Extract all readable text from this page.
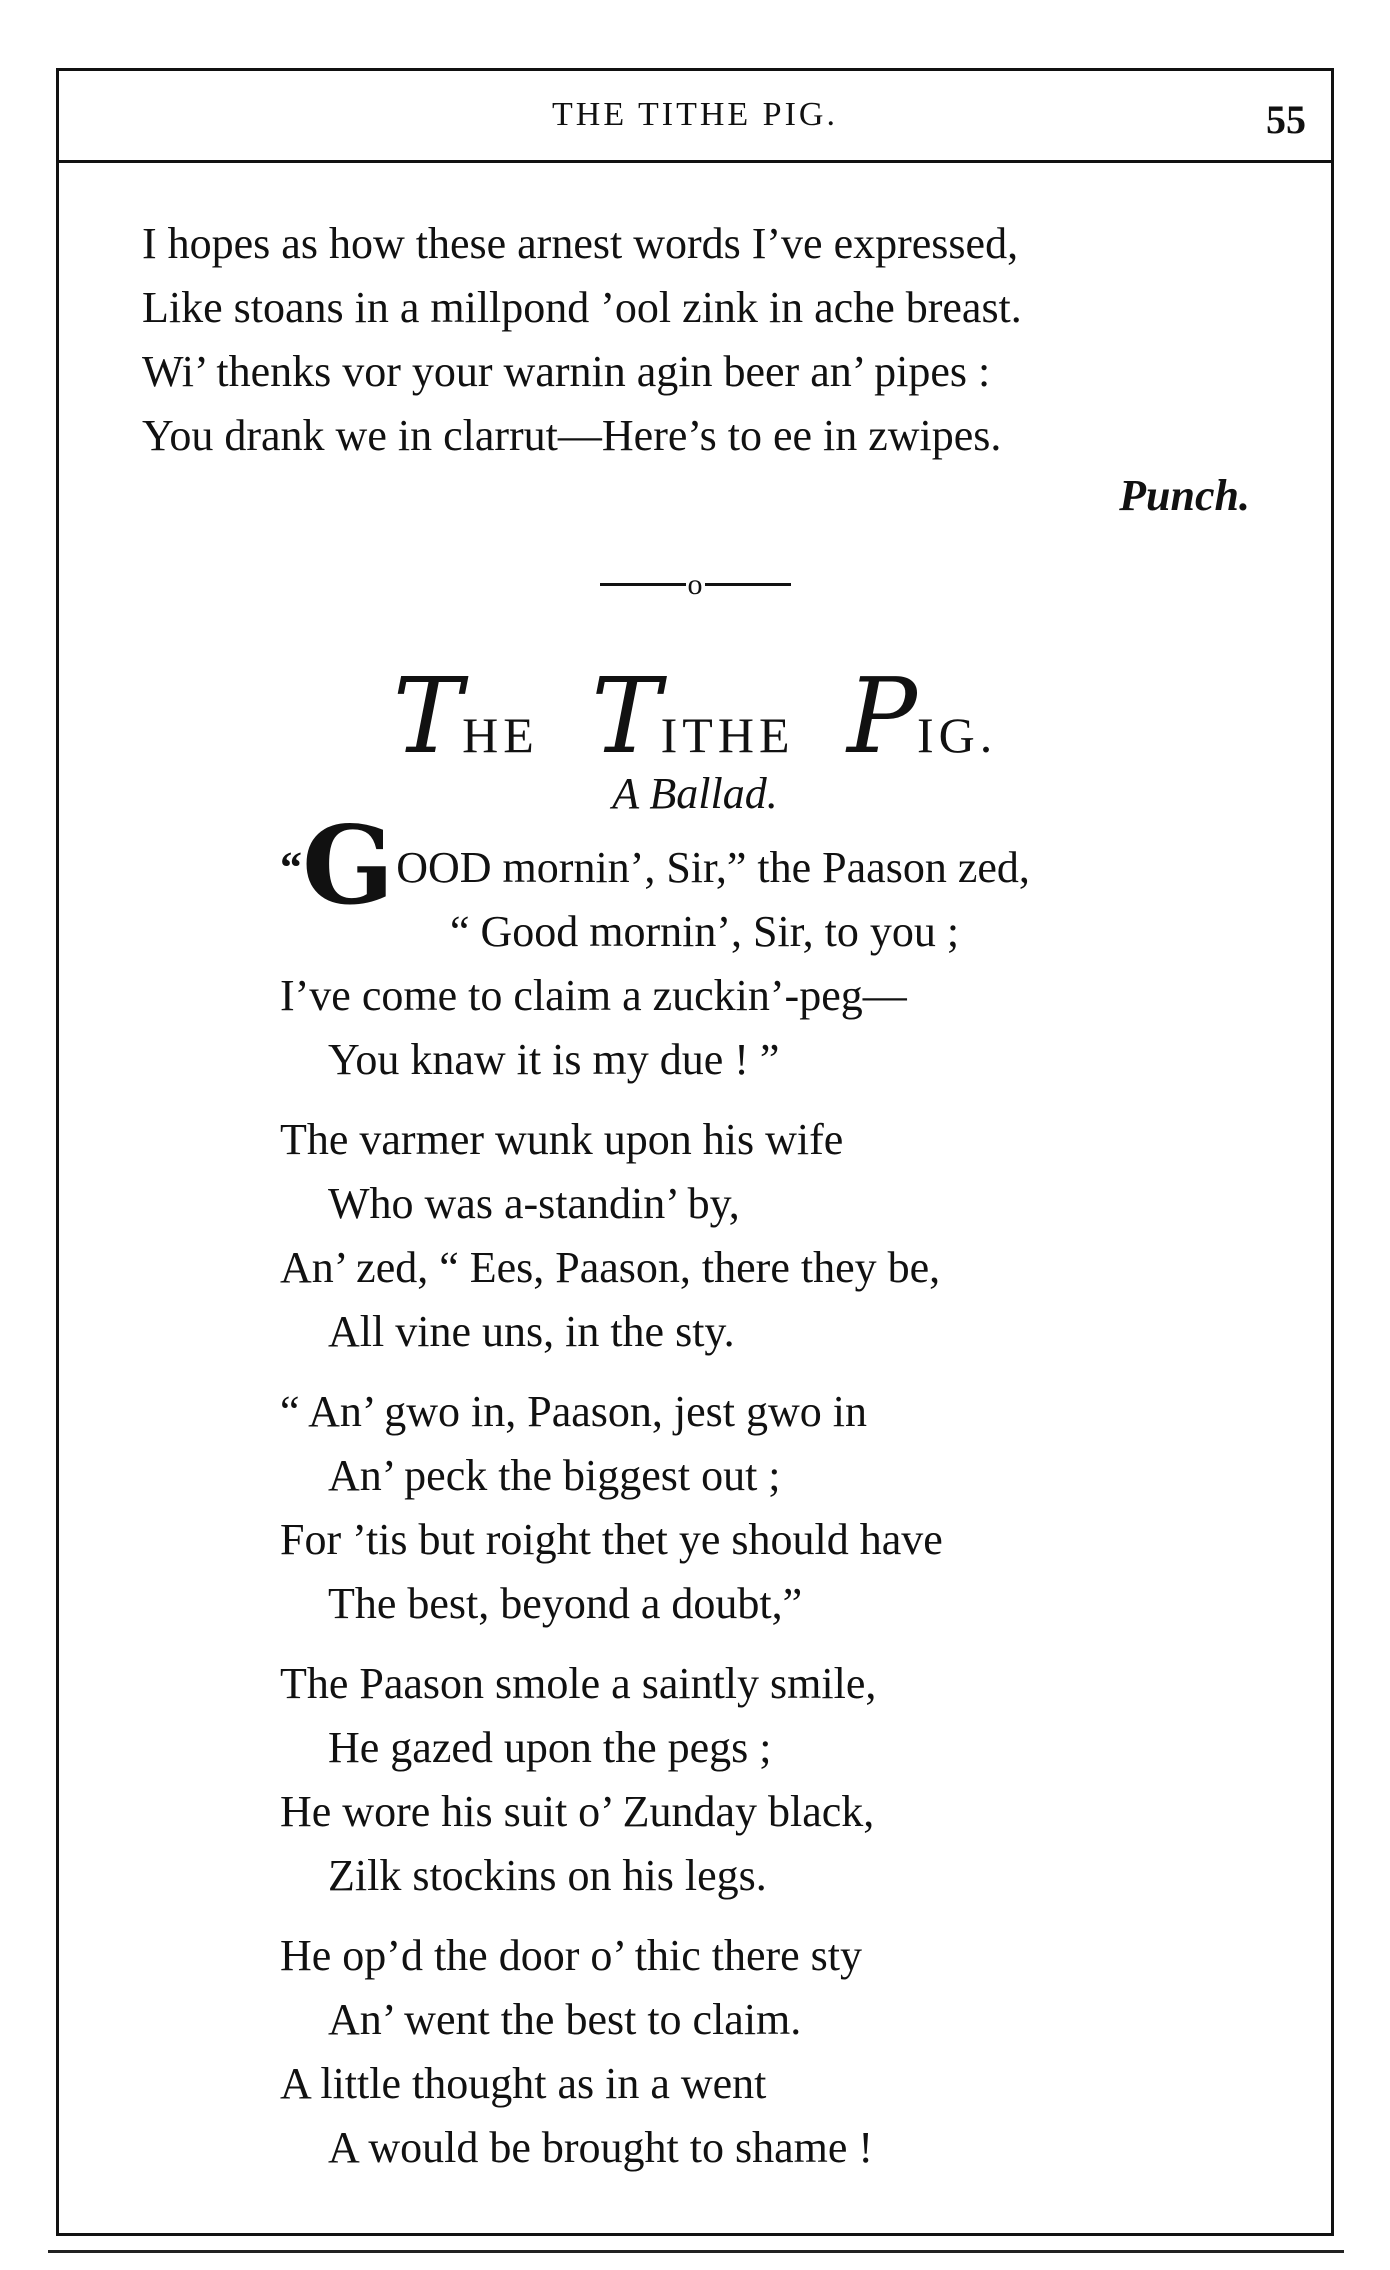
THE TITHE PIG.	55
I hopes as how these arnest words I’ve expressed,
Like stoans in a millpond ’ool zink in ache breast.
Wi’ thenks vor your warnin agin beer an’ pipes :
You drank we in clarrut—Here’s to ee in zwipes.
Punch.
o
THE TITHE PIG.
A Ballad.
“GOOD mornin’, Sir,” the Paason zed,
“ Good mornin’, Sir, to you ;
I’ve come to claim a zuckin’-peg—
You knaw it is my due ! ”
The varmer wunk upon his wife
Who was a-standin’ by,
An’ zed, “ Ees, Paason, there they be,
All vine uns, in the sty.
“ An’ gwo in, Paason, jest gwo in
An’ peck the biggest out ;
For ’tis but roight thet ye should have
The best, beyond a doubt,”
The Paason smole a saintly smile,
He gazed upon the pegs ;
He wore his suit o’ Zunday black,
Zilk stockins on his legs.
He op’d the door o’ thic there sty
An’ went the best to claim.
A little thought as in a went
A would be brought to shame !
